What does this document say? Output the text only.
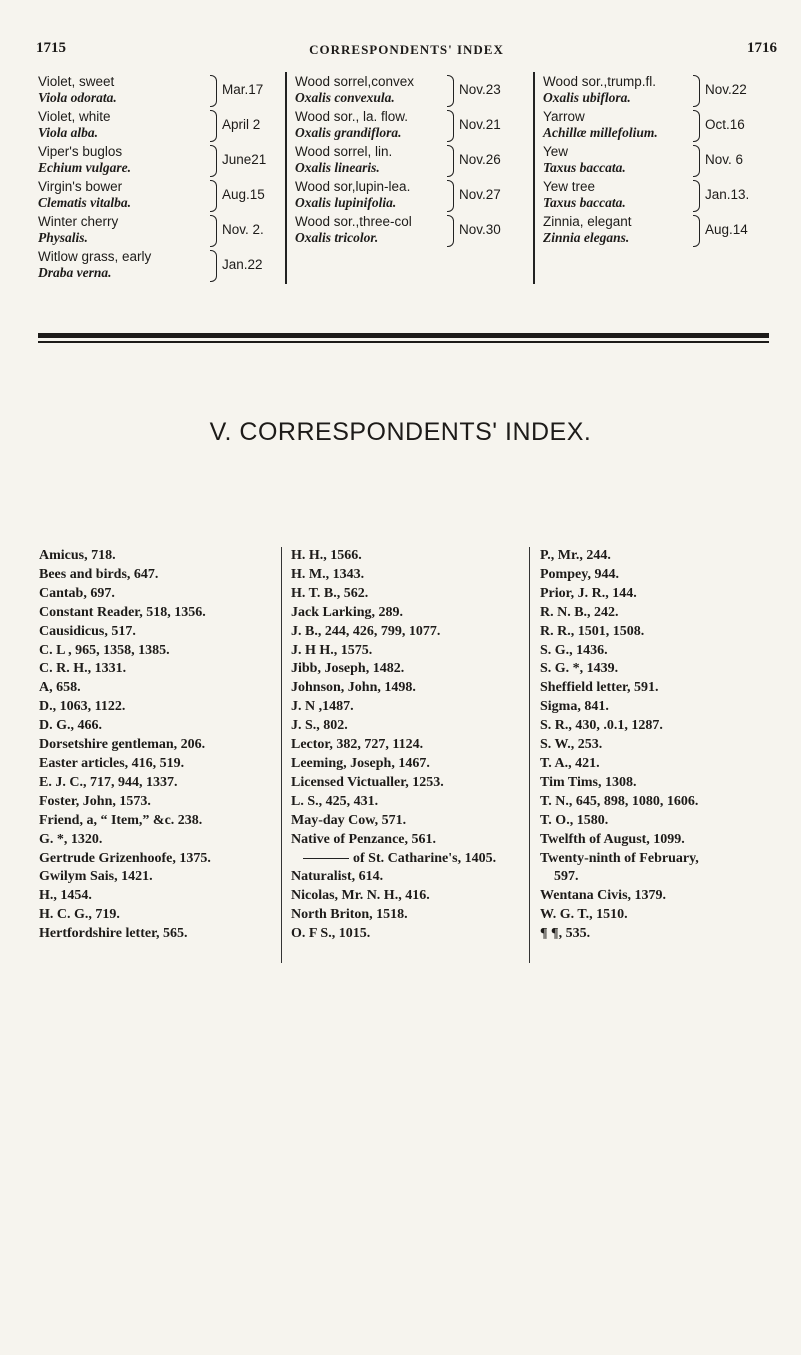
1715	CORRESPONDENTS' INDEX	1716
Violet, sweet
Viola odorata.
Mar.17
Violet, white
Viola alba.
April 2
Viper's buglos
Echium vulgare.
June21
Virgin's bower
Clematis vitalba.
Aug.15
Winter cherry
Physalis.
Nov. 2.
Witlow grass, early
Draba verna.
Jan.22
Wood sorrel,convex
Oxalis convexula.
Nov.23
Wood sor., la. flow.
Oxalis grandiflora.
Nov.21
Wood sorrel, lin.
Oxalis linearis.
Nov.26
Wood sor,lupin-lea.
Oxalis lupinifolia.
Nov.27
Wood sor.,three-col
Oxalis tricolor.
Nov.30
Wood sor.,trump.fl.
Oxalis ubiflora.
Nov.22
Yarrow
Achillæ millefolium.
Oct.16
Yew
Taxus baccata.
Nov. 6
Yew tree
Taxus baccata.
Jan.13.
Zinnia, elegant
Zinnia elegans.
Aug.14
V. CORRESPONDENTS' INDEX.
Amicus, 718.
Bees and birds, 647.
Cantab, 697.
Constant Reader, 518, 1356.
Causidicus, 517.
C. L , 965, 1358, 1385.
C. R. H., 1331.
A, 658.
D., 1063, 1122.
D. G., 466.
Dorsetshire gentleman, 206.
Easter articles, 416, 519.
E. J. C., 717, 944, 1337.
Foster, John, 1573.
Friend, a, “ Item,” &c. 238.
G. *, 1320.
Gertrude Grizenhoofe, 1375.
Gwilym Sais, 1421.
H., 1454.
H. C. G., 719.
Hertfordshire letter, 565.
H. H., 1566.
H. M., 1343.
H. T. B., 562.
Jack Larking, 289.
J. B., 244, 426, 799, 1077.
J. H H., 1575.
Jibb, Joseph, 1482.
Johnson, John, 1498.
J. N ,1487.
J. S., 802.
Lector, 382, 727, 1124.
Leeming, Joseph, 1467.
Licensed Victualler, 1253.
L. S., 425, 431.
May-day Cow, 571.
Native of Penzance, 561.
of St. Catharine's, 1405.
Naturalist, 614.
Nicolas, Mr. N. H., 416.
North Briton, 1518.
O. F S., 1015.
P., Mr., 244.
Pompey, 944.
Prior, J. R., 144.
R. N. B., 242.
R. R., 1501, 1508.
S. G., 1436.
S. G. *, 1439.
Sheffield letter, 591.
Sigma, 841.
S. R., 430, .0.1, 1287.
S. W., 253.
T. A., 421.
Tim Tims, 1308.
T. N., 645, 898, 1080, 1606.
T. O., 1580.
Twelfth of August, 1099.
Twenty-ninth of February,
597.
Wentana Civis, 1379.
W. G. T., 1510.
¶ ¶, 535.
